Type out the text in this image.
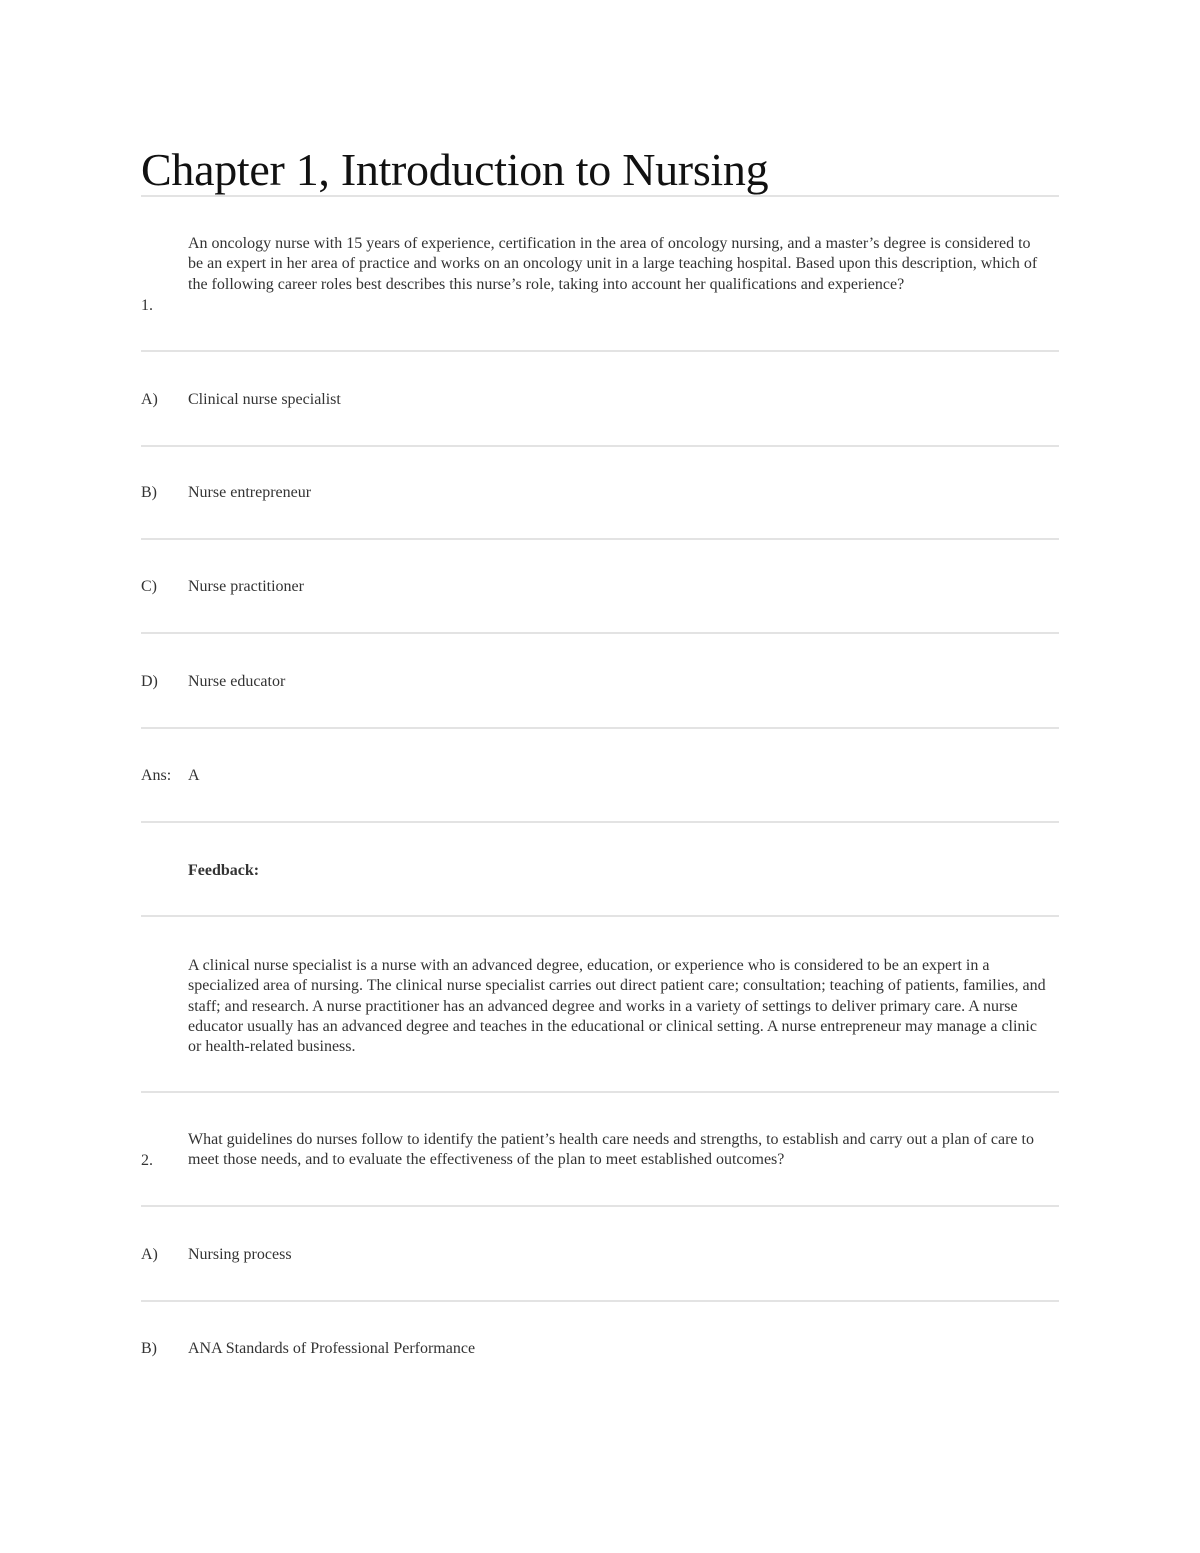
Chapter 1, Introduction to Nursing
1.
An oncology nurse with 15 years of experience, certification in the area of oncology nursing, and a master’s degree is considered to be an expert in her area of practice and works on an oncology unit in a large teaching hospital. Based upon this description, which of the following career roles best describes this nurse’s role, taking into account her qualifications and experience?
A) Clinical nurse specialist
B) Nurse entrepreneur
C) Nurse practitioner
D) Nurse educator
Ans: A
Feedback:
A clinical nurse specialist is a nurse with an advanced degree, education, or experience who is considered to be an expert in a specialized area of nursing. The clinical nurse specialist carries out direct patient care; consultation; teaching of patients, families, and staff; and research. A nurse practitioner has an advanced degree and works in a variety of settings to deliver primary care. A nurse educator usually has an advanced degree and teaches in the educational or clinical setting. A nurse entrepreneur may manage a clinic or health-related business.
2.
What guidelines do nurses follow to identify the patient’s health care needs and strengths, to establish and carry out a plan of care to meet those needs, and to evaluate the effectiveness of the plan to meet established outcomes?
A) Nursing process
B) ANA Standards of Professional Performance
